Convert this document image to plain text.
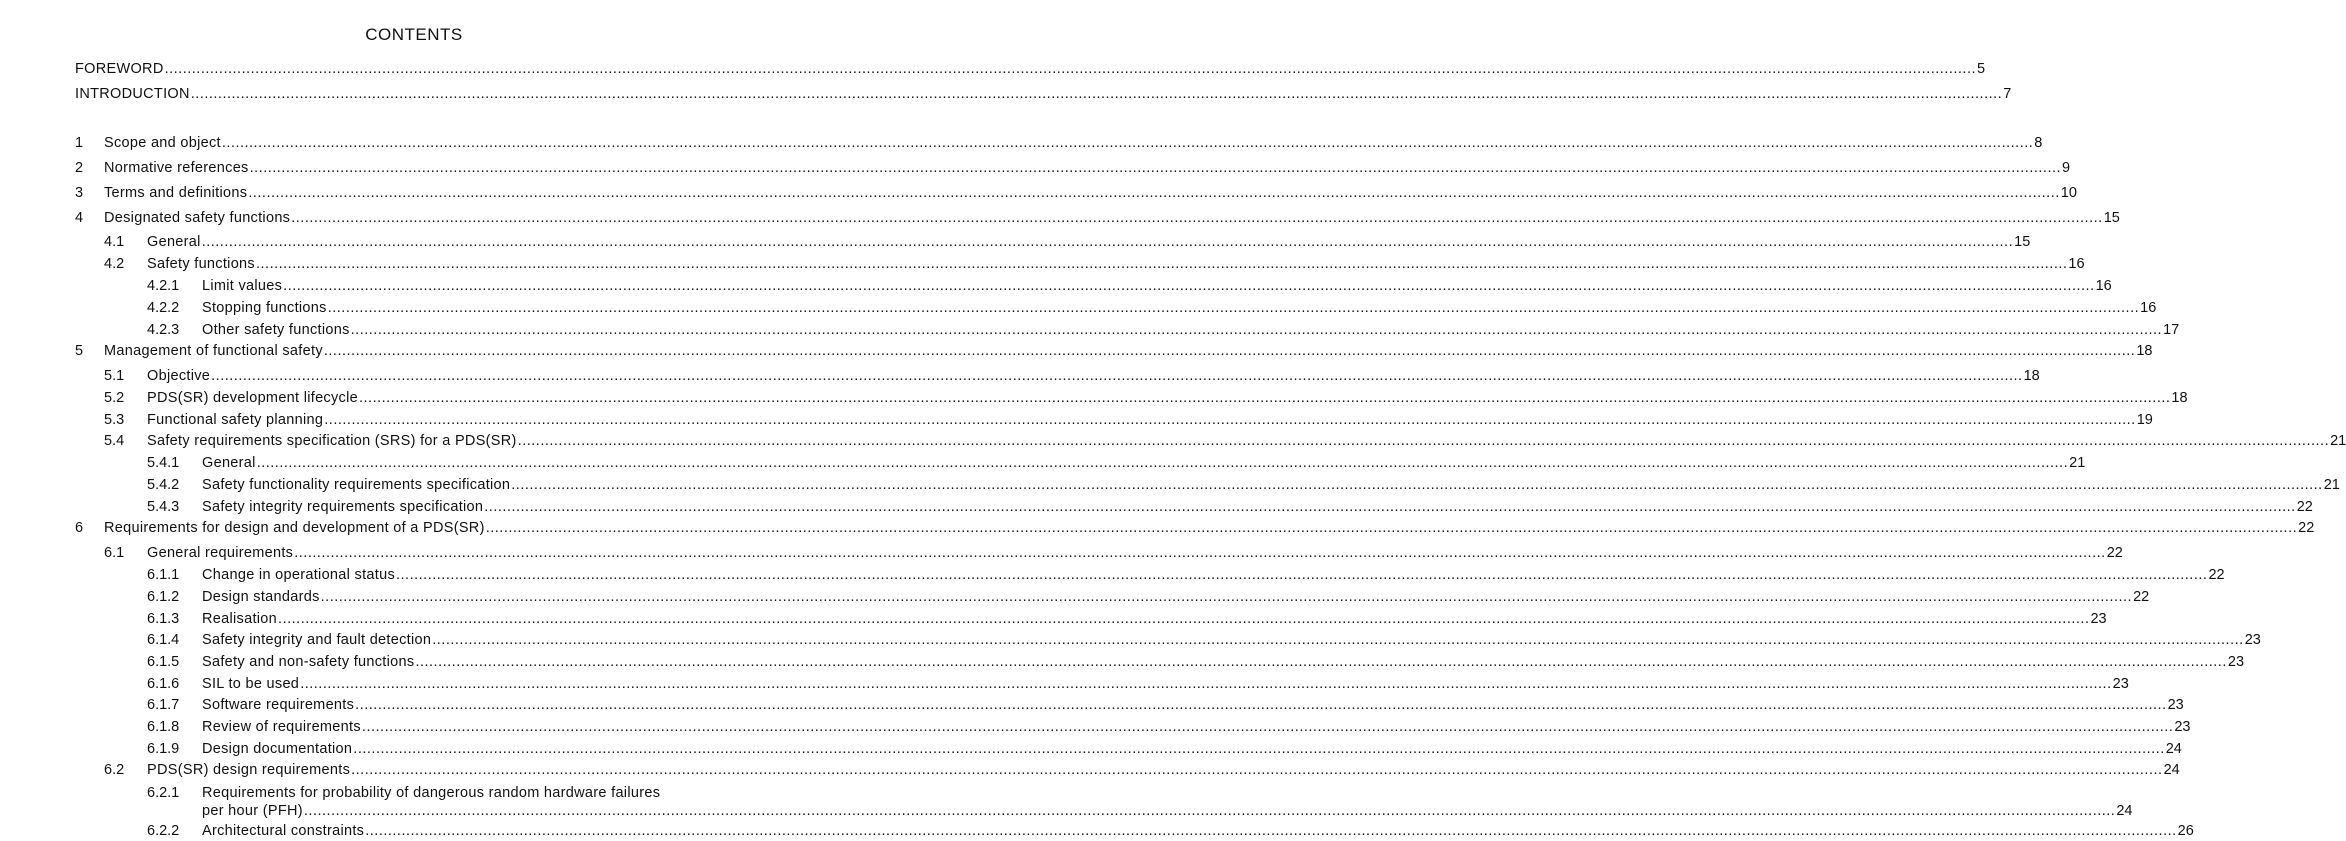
CONTENTS
FOREWORD ................................................................................................................................................................................................................................................................................................................................................................................................................ 5
INTRODUCTION ................................................................................................................................................................................................................................................................................................................................................................................................................ 7
1 Scope and object ................................................................................................................................................................................................................................................................................................................................................................................................................ 8
2 Normative references ................................................................................................................................................................................................................................................................................................................................................................................................................ 9
3 Terms and definitions ................................................................................................................................................................................................................................................................................................................................................................................................................ 10
4 Designated safety functions ................................................................................................................................................................................................................................................................................................................................................................................................................ 15
4.1 General ................................................................................................................................................................................................................................................................................................................................................................................................................ 15
4.2 Safety functions ................................................................................................................................................................................................................................................................................................................................................................................................................ 16
4.2.1 Limit values ................................................................................................................................................................................................................................................................................................................................................................................................................ 16
4.2.2 Stopping functions ................................................................................................................................................................................................................................................................................................................................................................................................................ 16
4.2.3 Other safety functions ................................................................................................................................................................................................................................................................................................................................................................................................................ 17
5 Management of functional safety ................................................................................................................................................................................................................................................................................................................................................................................................................ 18
5.1 Objective ................................................................................................................................................................................................................................................................................................................................................................................................................ 18
5.2 PDS(SR) development lifecycle ................................................................................................................................................................................................................................................................................................................................................................................................................ 18
5.3 Functional safety planning ................................................................................................................................................................................................................................................................................................................................................................................................................ 19
5.4 Safety requirements specification (SRS) for a PDS(SR) ................................................................................................................................................................................................................................................................................................................................................................................................................ 21
5.4.1 General ................................................................................................................................................................................................................................................................................................................................................................................................................ 21
5.4.2 Safety functionality requirements specification ................................................................................................................................................................................................................................................................................................................................................................................................................ 21
5.4.3 Safety integrity requirements specification ................................................................................................................................................................................................................................................................................................................................................................................................................ 22
6 Requirements for design and development of a PDS(SR) ................................................................................................................................................................................................................................................................................................................................................................................................................ 22
6.1 General requirements ................................................................................................................................................................................................................................................................................................................................................................................................................ 22
6.1.1 Change in operational status ................................................................................................................................................................................................................................................................................................................................................................................................................ 22
6.1.2 Design standards ................................................................................................................................................................................................................................................................................................................................................................................................................ 22
6.1.3 Realisation ................................................................................................................................................................................................................................................................................................................................................................................................................ 23
6.1.4 Safety integrity and fault detection ................................................................................................................................................................................................................................................................................................................................................................................................................ 23
6.1.5 Safety and non-safety functions ................................................................................................................................................................................................................................................................................................................................................................................................................ 23
6.1.6 SIL to be used ................................................................................................................................................................................................................................................................................................................................................................................................................ 23
6.1.7 Software requirements ................................................................................................................................................................................................................................................................................................................................................................................................................ 23
6.1.8 Review of requirements ................................................................................................................................................................................................................................................................................................................................................................................................................ 23
6.1.9 Design documentation ................................................................................................................................................................................................................................................................................................................................................................................................................ 24
6.2 PDS(SR) design requirements ................................................................................................................................................................................................................................................................................................................................................................................................................ 24
6.2.1 Requirements for probability of dangerous random hardware failures
per hour (PFH) ................................................................................................................................................................................................................................................................................................................................................................................................................ 24
6.2.2 Architectural constraints ................................................................................................................................................................................................................................................................................................................................................................................................................ 26
